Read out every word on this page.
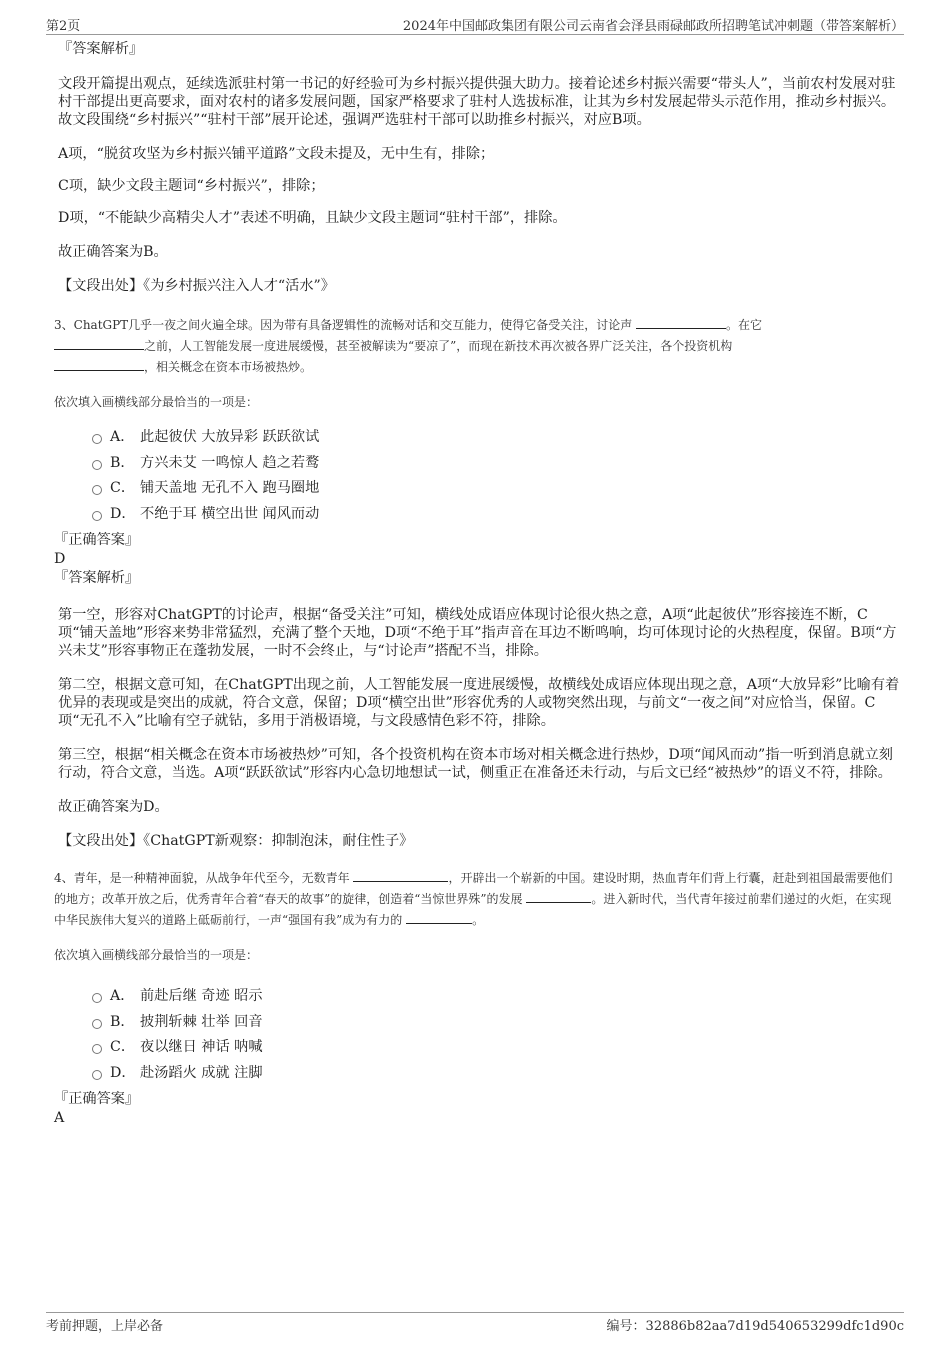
第2页	2024年中国邮政集团有限公司云南省会泽县雨碌邮政所招聘笔试冲刺题（带答案解析）

『答案解析』

文段开篇提出观点，延续选派驻村第一书记的好经验可为乡村振兴提供强大助力。接着论述乡村振兴需要“带头人”，当前农村发展对驻村干部提出更高要求，面对农村的诸多发展问题，国家严格要求了驻村人选拔标准，让其为乡村发展起带头示范作用，推动乡村振兴。故文段围绕“乡村振兴”“驻村干部”展开论述，强调严选驻村干部可以助推乡村振兴，对应B项。

A项，“脱贫攻坚为乡村振兴铺平道路”文段未提及，无中生有，排除；

C项，缺少文段主题词“乡村振兴”，排除；

D项，“不能缺少高精尖人才”表述不明确，且缺少文段主题词“驻村干部”，排除。

故正确答案为B。

【文段出处】《为乡村振兴注入人才“活水”》

3、ChatGPT几乎一夜之间火遍全球。因为带有具备逻辑性的流畅对话和交互能力，使得它备受关注，讨论声	。在它
之前，人工智能发展一度进展缓慢，甚至被解读为“要凉了”，而现在新技术再次被各界广泛关注，各个投资机构
，相关概念在资本市场被热炒。

依次填入画横线部分最恰当的一项是：

A． 此起彼伏 大放异彩 跃跃欲试
B． 方兴未艾 一鸣惊人 趋之若鹜
C． 铺天盖地 无孔不入 跑马圈地
D． 不绝于耳 横空出世 闻风而动

『正确答案』

D

『答案解析』

第一空，形容对ChatGPT的讨论声，根据“备受关注”可知，横线处成语应体现讨论很火热之意，A项“此起彼伏”形容接连不断，C项“铺天盖地”形容来势非常猛烈，充满了整个天地，D项“不绝于耳”指声音在耳边不断鸣响，均可体现讨论的火热程度，保留。B项“方兴未艾”形容事物正在蓬勃发展，一时不会终止，与“讨论声”搭配不当，排除。

第二空，根据文意可知，在ChatGPT出现之前，人工智能发展一度进展缓慢，故横线处成语应体现出现之意，A项“大放异彩”比喻有着优异的表现或是突出的成就，符合文意，保留；D项“横空出世”形容优秀的人或物突然出现，与前文“一夜之间”对应恰当，保留。C项“无孔不入”比喻有空子就钻，多用于消极语境，与文段感情色彩不符，排除。

第三空，根据“相关概念在资本市场被热炒”可知，各个投资机构在资本市场对相关概念进行热炒，D项“闻风而动”指一听到消息就立刻行动，符合文意，当选。A项“跃跃欲试”形容内心急切地想试一试，侧重正在准备还未行动，与后文已经“被热炒”的语义不符，排除。

故正确答案为D。

【文段出处】《ChatGPT新观察：抑制泡沫，耐住性子》

4、青年，是一种精神面貌，从战争年代至今，无数青年	，开辟出一个崭新的中国。建设时期，热血青年们背上行囊，赶赴到祖国最需要他们的地方；改革开放之后，优秀青年合着“春天的故事”的旋律，创造着“当惊世界殊”的发展	。进入新时代，当代青年接过前辈们递过的火炬，在实现中华民族伟大复兴的道路上砥砺前行，一声“强国有我”成为有力的	。

依次填入画横线部分最恰当的一项是：

A． 前赴后继 奇迹 昭示
B． 披荆斩棘 壮举 回音
C． 夜以继日 神话 呐喊
D． 赴汤蹈火 成就 注脚

『正确答案』

A

考前押题，上岸必备	编号：32886b82aa7d19d540653299dfc1d90c
